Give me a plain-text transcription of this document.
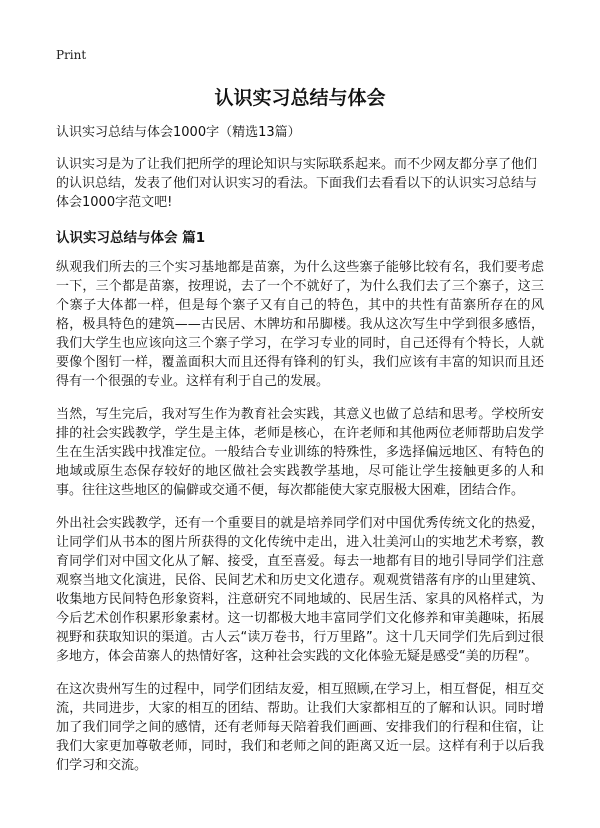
Print
认识实习总结与体会

认识实习总结与体会1000字（精选13篇）

认识实习是为了让我们把所学的理论知识与实际联系起来。而不少网友都分享了他们的认识总结，发表了他们对认识实习的看法。下面我们去看看以下的认识实习总结与体会1000字范文吧!

认识实习总结与体会 篇1

纵观我们所去的三个实习基地都是苗寨，为什么这些寨子能够比较有名，我们要考虑一下，三个都是苗寨，按理说，去了一个不就好了，为什么我们去了三个寨子，这三个寨子大体都一样，但是每个寨子又有自己的特色，其中的共性有苗寨所存在的风格，极具特色的建筑——古民居、木牌坊和吊脚楼。我从这次写生中学到很多感悟，我们大学生也应该向这三个寨子学习，在学习专业的同时，自己还得有个特长，人就要像个图钉一样，覆盖面积大而且还得有锋利的钉头，我们应该有丰富的知识而且还得有一个很强的专业。这样有利于自己的发展。

当然，写生完后，我对写生作为教育社会实践，其意义也做了总结和思考。学校所安排的社会实践教学，学生是主体，老师是核心，在许老师和其他两位老师帮助启发学生在生活实践中找准定位。一般结合专业训练的特殊性，多选择偏远地区、有特色的地域或原生态保存较好的地区做社会实践教学基地，尽可能让学生接触更多的人和事。往往这些地区的偏僻或交通不便，每次都能使大家克服极大困难，团结合作。

外出社会实践教学，还有一个重要目的就是培养同学们对中国优秀传统文化的热爱，让同学们从书本的图片所获得的文化传统中走出，进入壮美河山的实地艺术考察，教育同学们对中国文化从了解、接受，直至喜爱。每去一地都有目的地引导同学们注意观察当地文化演进，民俗、民间艺术和历史文化遗存。观观赏错落有序的山里建筑、收集地方民间特色形象资料，注意研究不同地域的、民居生活、家具的风格样式，为今后艺术创作积累形象素材。这一切都极大地丰富同学们文化修养和审美趣味，拓展视野和获取知识的渠道。古人云“读万卷书，行万里路”。这十几天同学们先后到过很多地方，体会苗寨人的热情好客，这种社会实践的文化体验无疑是感受“美的历程”。

在这次贵州写生的过程中，同学们团结友爱，相互照顾,在学习上，相互督促，相互交流，共同进步，大家的相互的团结、帮助。让我们大家都相互的了解和认识。同时增加了我们同学之间的感情，还有老师每天陪着我们画画、安排我们的行程和住宿，让我们大家更加尊敬老师，同时，我们和老师之间的距离又近一层。这样有利于以后我们学习和交流。
